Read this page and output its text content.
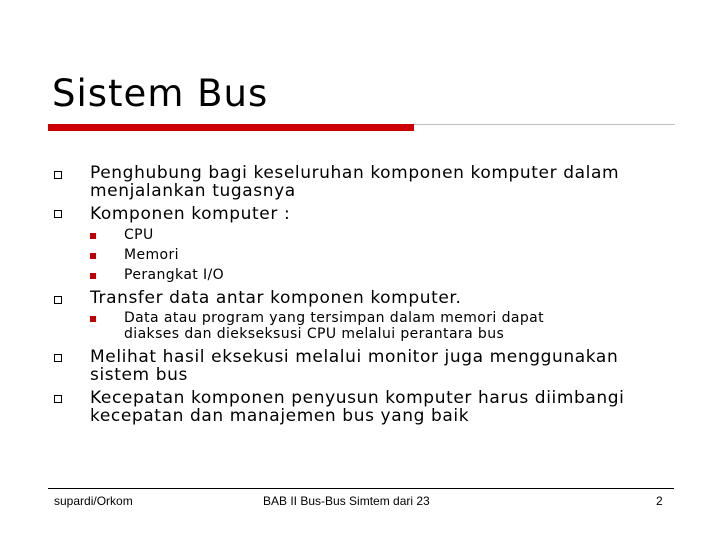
Sistem Bus
Penghubung bagi keseluruhan komponen komputer dalam
menjalankan tugasnya
Komponen komputer :
CPU
Memori
Perangkat I/O
Transfer data antar komponen komputer.
Data atau program yang tersimpan dalam memori dapat
diakses dan diekseksusi CPU melalui perantara bus
Melihat hasil eksekusi melalui monitor juga menggunakan
sistem bus
Kecepatan komponen penyusun komputer harus diimbangi
kecepatan dan manajemen bus yang baik
supardi/Orkom	BAB II Bus-Bus Simtem dari 23	2
